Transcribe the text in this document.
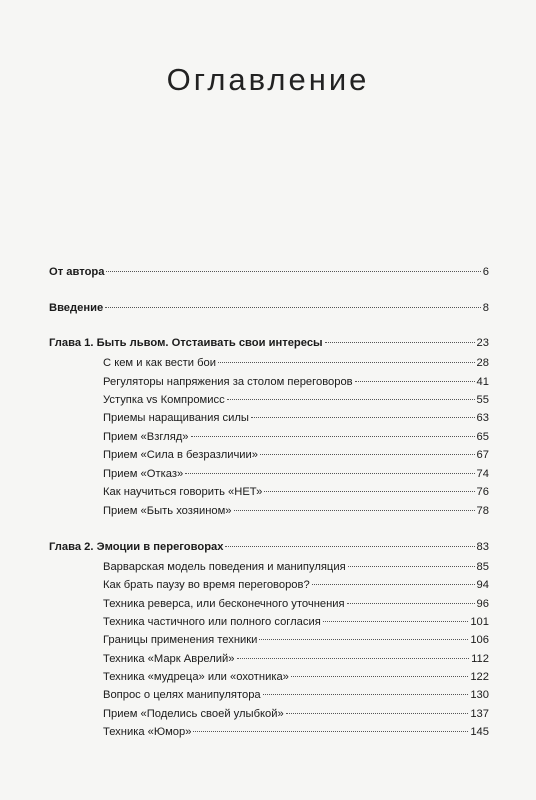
Оглавление
От автора	6
Введение	8
Глава 1. Быть львом. Отстаивать свои интересы	23
С кем и как вести бои	28
Регуляторы напряжения за столом переговоров	41
Уступка vs Компромисс	55
Приемы наращивания силы	63
Прием «Взгляд»	65
Прием «Сила в безразличии»	67
Прием «Отказ»	74
Как научиться говорить «НЕТ»	76
Прием «Быть хозяином»	78
Глава 2. Эмоции в переговорах	83
Варварская модель поведения и манипуляция	85
Как брать паузу во время переговоров?	94
Техника реверса, или бесконечного уточнения	96
Техника частичного или полного согласия	101
Границы применения техники	106
Техника «Марк Аврелий»	112
Техника «мудреца» или «охотника»	122
Вопрос о целях манипулятора	130
Прием «Поделись своей улыбкой»	137
Техника «Юмор»	145
